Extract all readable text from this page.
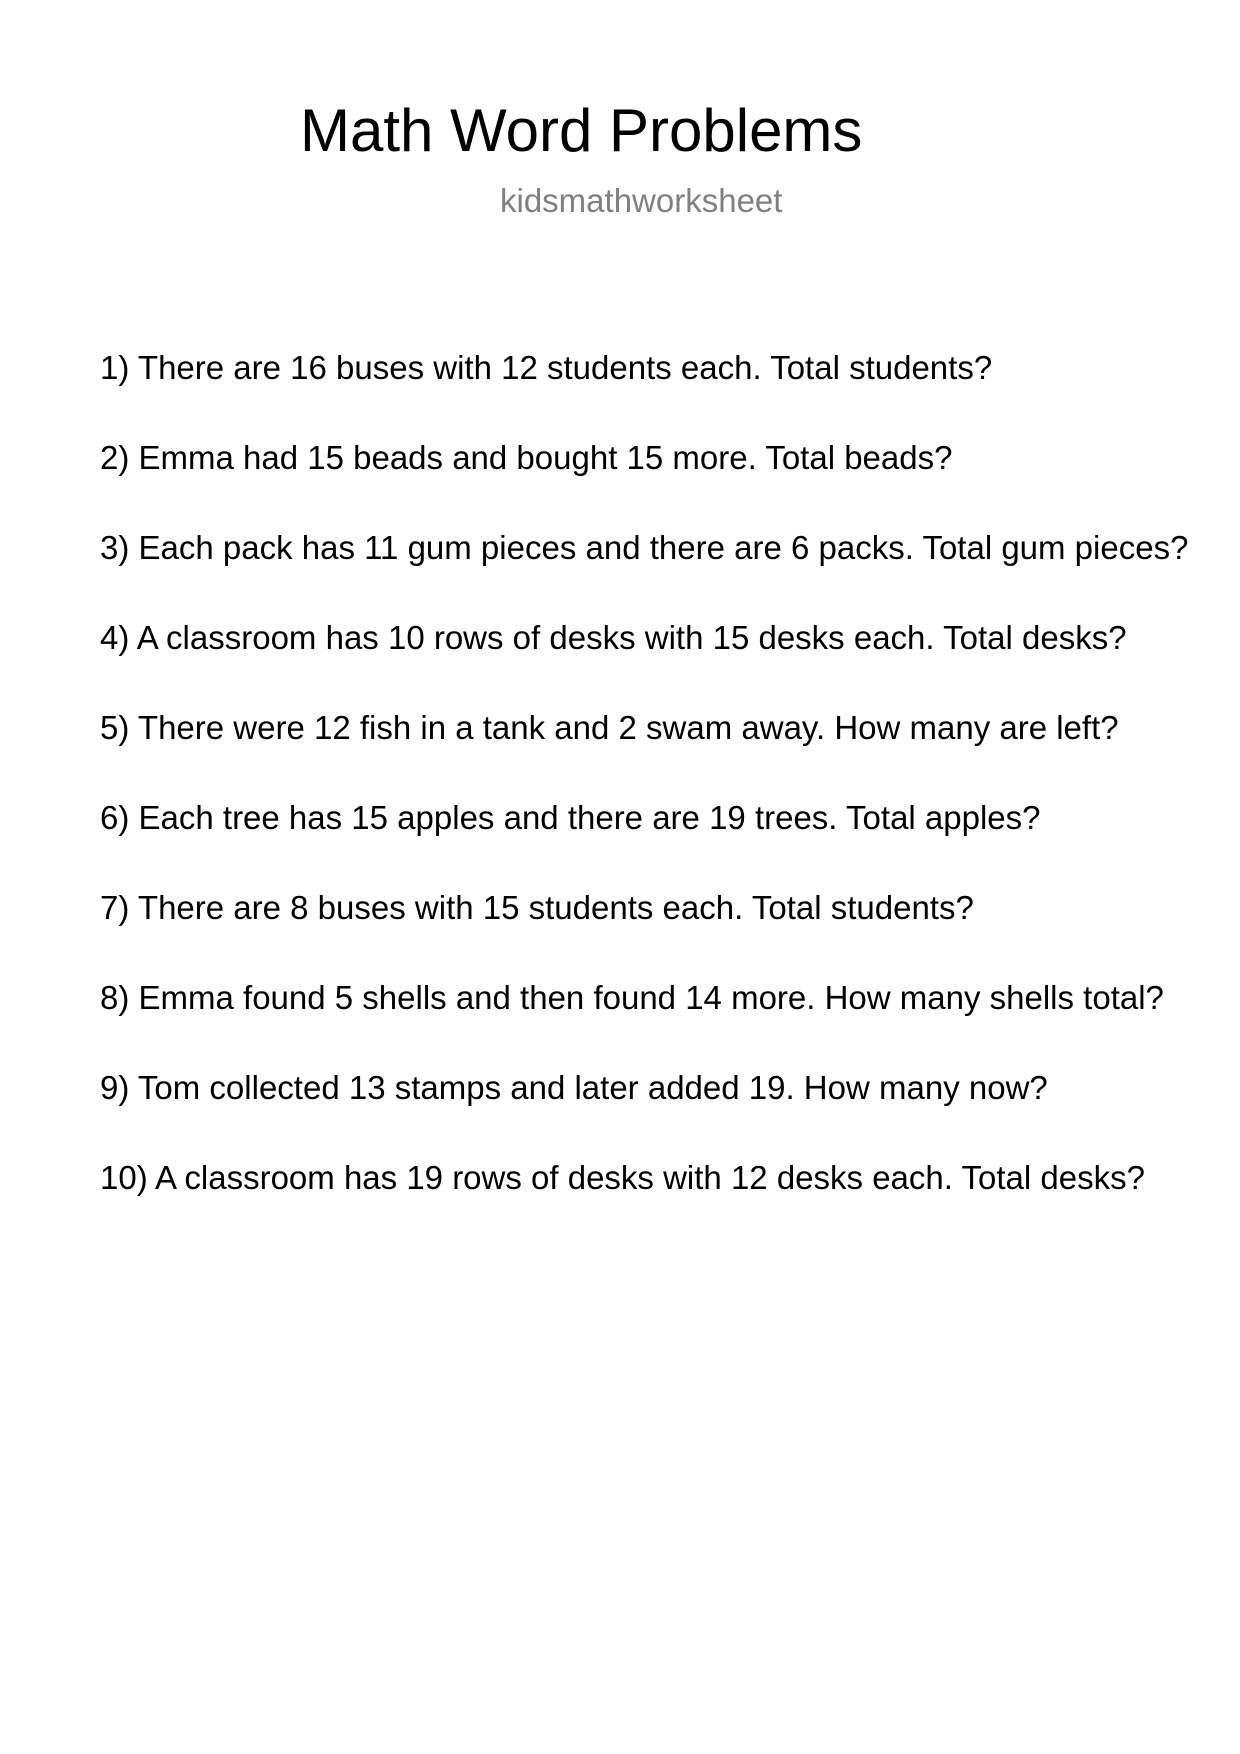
Math Word Problems
kidsmathworksheet
1) There are 16 buses with 12 students each. Total students?
2) Emma had 15 beads and bought 15 more. Total beads?
3) Each pack has 11 gum pieces and there are 6 packs. Total gum pieces?
4) A classroom has 10 rows of desks with 15 desks each. Total desks?
5) There were 12 fish in a tank and 2 swam away. How many are left?
6) Each tree has 15 apples and there are 19 trees. Total apples?
7) There are 8 buses with 15 students each. Total students?
8) Emma found 5 shells and then found 14 more. How many shells total?
9) Tom collected 13 stamps and later added 19. How many now?
10) A classroom has 19 rows of desks with 12 desks each. Total desks?
